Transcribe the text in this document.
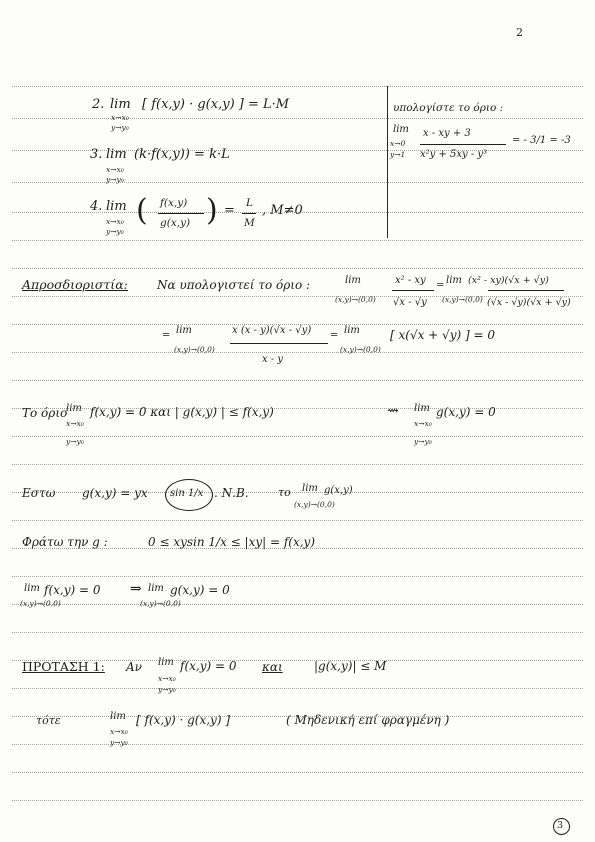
2
2. lim
x→x₀
y→y₀
[ f(x,y) · g(x,y) ] = L·M
3. lim
x→x₀
y→y₀
(k·f(x,y)) = k·L
4. lim
x→x₀
y→y₀
( f(x,y)
g(x,y) ) = L
M
, M≠0
υπολογίστε το όριο :
lim
x→0
y→1
x - xy + 3
x²y + 5xy - y³
= - 3/1 = -3
Απροσδιοριστία: Να υπολογιστεί το όριο :	lim
(x,y)→(0,0)
x² - xy
√x - √y
= lim
(x,y)→(0,0)
(x² - xy)(√x + √y)
(√x - √y)(√x + √y)
= lim
(x,y)→(0,0)
x (x - y)(√x - √y)
x - y
= lim
(x,y)→(0,0)
[ x(√x + √y) ] = 0
Το όριο
lim
x→x₀
y→y₀
f(x,y) = 0 και | g(x,y) | ≤ f(x,y)	⇝ lim
x→x₀
y→y₀
g(x,y) = 0
Εστω g(x,y) = yx sin 1/x . Ν.Β.	το lim g(x,y)
(x,y)→(0,0)
Φράτω την g :	0 ≤ xysin 1/x ≤ |xy| = f(x,y)
lim f(x,y) = 0
(x,y)→(0,0)
⇒ lim g(x,y) = 0
(x,y)→(0,0)
ΠΡΟΤΑΣΗ 1: Αν lim
x→x₀
y→y₀
f(x,y) = 0 και	|g(x,y)| ≤ M
τότε	lim
x→x₀
y→y₀
[ f(x,y) · g(x,y) ]	( Μηδενική επί φραγμένη )
3
